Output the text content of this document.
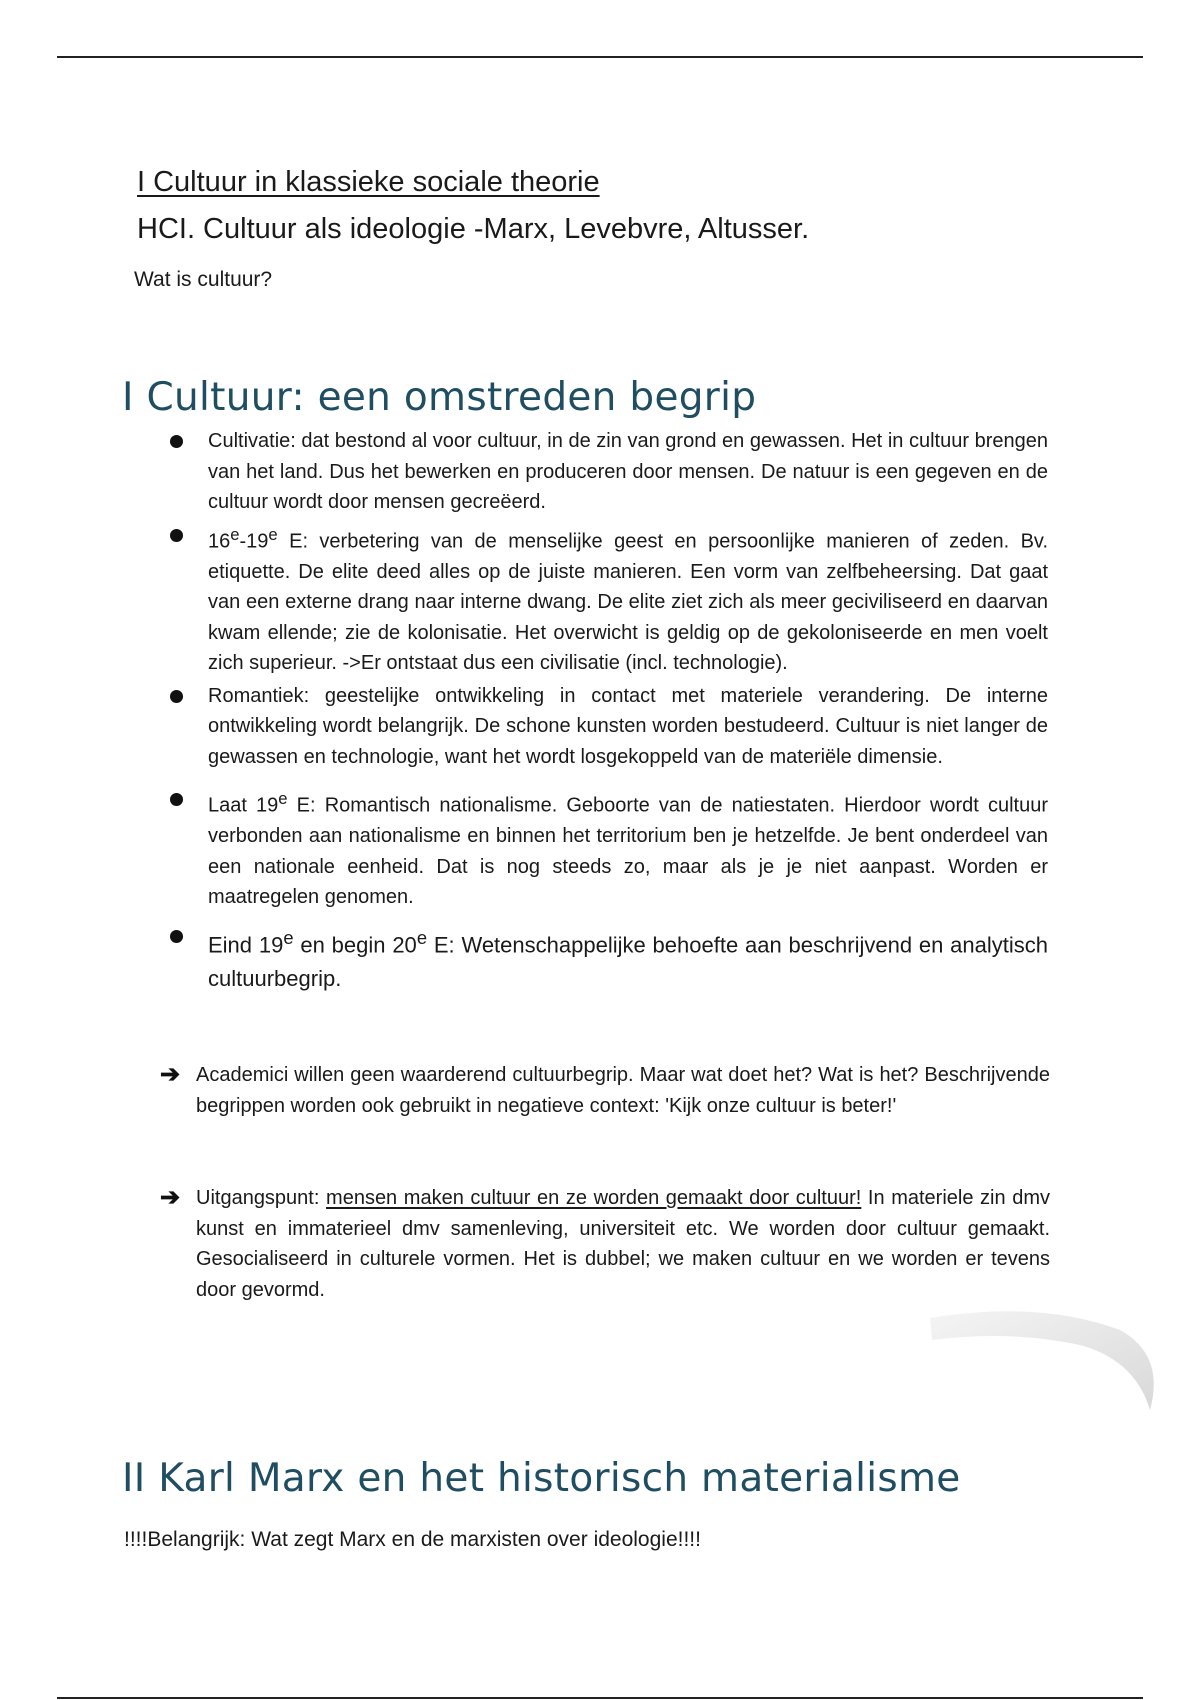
I Cultuur in klassieke sociale theorie
HCI. Cultuur als ideologie -Marx, Levebvre, Altusser.

Wat is cultuur?

I Cultuur: een omstreden begrip
Cultivatie: dat bestond al voor cultuur, in de zin van grond en gewassen. Het in cultuur brengen van het land. Dus het bewerken en produceren door mensen. De natuur is een gegeven en de cultuur wordt door mensen gecreëerd.
16e-19e E: verbetering van de menselijke geest en persoonlijke manieren of zeden. Bv. etiquette. De elite deed alles op de juiste manieren. Een vorm van zelfbeheersing. Dat gaat van een externe drang naar interne dwang. De elite ziet zich als meer geciviliseerd en daarvan kwam ellende; zie de kolonisatie. Het overwicht is geldig op de gekoloniseerde en men voelt zich superieur. ->Er ontstaat dus een civilisatie (incl. technologie).
Romantiek: geestelijke ontwikkeling in contact met materiele verandering. De interne ontwikkeling wordt belangrijk. De schone kunsten worden bestudeerd. Cultuur is niet langer de gewassen en technologie, want het wordt losgekoppeld van de materiële dimensie.
Laat 19e E: Romantisch nationalisme. Geboorte van de natiestaten. Hierdoor wordt cultuur verbonden aan nationalisme en binnen het territorium ben je hetzelfde. Je bent onderdeel van een nationale eenheid. Dat is nog steeds zo, maar als je je niet aanpast. Worden er maatregelen genomen.
Eind 19e en begin 20e E: Wetenschappelijke behoefte aan beschrijvend en analytisch cultuurbegrip.
➔ Academici willen geen waarderend cultuurbegrip. Maar wat doet het? Wat is het? Beschrijvende begrippen worden ook gebruikt in negatieve context: 'Kijk onze cultuur is beter!'
➔ Uitgangspunt: mensen maken cultuur en ze worden gemaakt door cultuur! In materiele zin dmv kunst en immaterieel dmv samenleving, universiteit etc. We worden door cultuur gemaakt. Gesocialiseerd in culturele vormen. Het is dubbel; we maken cultuur en we worden er tevens door gevormd.
II Karl Marx en het historisch materialisme

!!!!Belangrijk: Wat zegt Marx en de marxisten over ideologie!!!!
